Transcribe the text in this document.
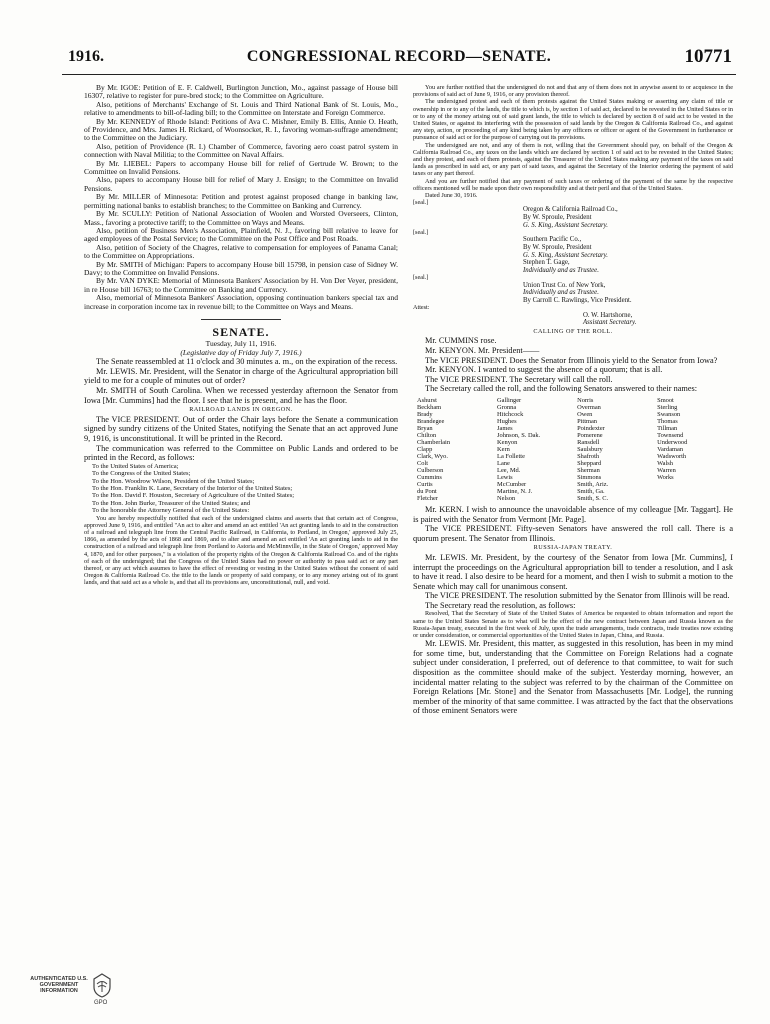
1916.	CONGRESSIONAL RECORD—SENATE.	10771

By Mr. IGOE: Petition of E. F. Caldwell, Burlington Junction, Mo., against passage of House bill 16307, relative to register for pure-bred stock; to the Committee on Agriculture.

Also, petitions of Merchants' Exchange of St. Louis and Third National Bank of St. Louis, Mo., relative to amendments to bill-of-lading bill; to the Committee on Interstate and Foreign Commerce.

By Mr. KENNEDY of Rhode Island: Petitions of Ava C. Mishner, Emily B. Ellis, Annie O. Heath, of Providence, and Mrs. James H. Rickard, of Woonsocket, R. I., favoring woman-suffrage amendment; to the Committee on the Judiciary.

Also, petition of Providence (R. I.) Chamber of Commerce, favoring aero coast patrol system in connection with Naval Militia; to the Committee on Naval Affairs.

By Mr. LIEBEL: Papers to accompany House bill for relief of Gertrude W. Brown; to the Committee on Invalid Pensions.

Also, papers to accompany House bill for relief of Mary J. Ensign; to the Committee on Invalid Pensions.

By Mr. MILLER of Minnesota: Petition and protest against proposed change in banking law, permitting national banks to establish branches; to the Committee on Banking and Currency.

By Mr. SCULLY: Petition of National Association of Woolen and Worsted Overseers, Clinton, Mass., favoring a protective tariff; to the Committee on Ways and Means.

Also, petition of Business Men's Association, Plainfield, N. J., favoring bill relative to leave for aged employees of the Postal Service; to the Committee on the Post Office and Post Roads.

Also, petition of Society of the Chagres, relative to compensation for employees of Panama Canal; to the Committee on Appropriations.

By Mr. SMITH of Michigan: Papers to accompany House bill 15798, in pension case of Sidney W. Davy; to the Committee on Invalid Pensions.

By Mr. VAN DYKE: Memorial of Minnesota Bankers' Association by H. Von Der Veyer, president, in re House bill 16763; to the Committee on Banking and Currency.

Also, memorial of Minnesota Bankers' Association, opposing continuation bankers special tax and increase in corporation income tax in revenue bill; to the Committee on Ways and Means.

SENATE.

Tuesday, July 11, 1916.

(Legislative day of Friday July 7, 1916.)

The Senate reassembled at 11 o'clock and 30 minutes a. m., on the expiration of the recess.

Mr. LEWIS. Mr. President, will the Senator in charge of the Agricultural appropriation bill yield to me for a couple of minutes out of order?

Mr. SMITH of South Carolina. When we recessed yesterday afternoon the Senator from Iowa [Mr. Cummins] had the floor. I see that he is present, and he has the floor.

RAILROAD LANDS IN OREGON.

The VICE PRESIDENT. Out of order the Chair lays before the Senate a communication signed by sundry citizens of the United States, notifying the Senate that an act approved June 9, 1916, is unconstitutional. It will be printed in the Record.

The communication was referred to the Committee on Public Lands and ordered to be printed in the Record, as follows:

To the United States of America;

To the Congress of the United States;

To the Hon. Woodrow Wilson, President of the United States;

To the Hon. Franklin K. Lane, Secretary of the Interior of the United States;

To the Hon. David F. Houston, Secretary of Agriculture of the United States;

To the Hon. John Burke, Treasurer of the United States; and

To the honorable the Attorney General of the United States:

You are hereby respectfully notified that each of the undersigned claims and asserts that that certain act of Congress, approved June 9, 1916, and entitled "An act to alter and amend an act entitled 'An act granting lands to aid in the construction of a railroad and telegraph line from the Central Pacific Railroad, in California, to Portland, in Oregon,' approved July 25, 1866, as amended by the acts of 1868 and 1869, and to alter and amend an act entitled 'An act granting lands to aid in the construction of a railroad and telegraph line from Portland to Astoria and McMinnville, in the State of Oregon,' approved May 4, 1870, and for other purposes," is a violation of the property rights of the Oregon & California Railroad Co. and of the rights of each of the undersigned; that the Congress of the United States had no power or authority to pass said act or any part thereof, or any act which assumes to have the effect of revesting or vesting in the United States without the consent of said Oregon & California Railroad Co. the title to the lands or property of said company, or to any money arising out of its grant lands, and that said act as a whole is, and that all its provisions are, unconstitutional, null, and void.

You are further notified that the undersigned do not and that any of them does not in anywise assent to or acquiesce in the provisions of said act of June 9, 1916, or any provision thereof.

The undersigned protest and each of them protests against the United States making or asserting any claim of title or ownership in or to any of the lands, the title to which is, by section 1 of said act, declared to be revested in the United States or in or to any of the money arising out of said grant lands, the title to which is declared by section 8 of said act to be vested in the United States, or against its interfering with the possession of said lands by the Oregon & California Railroad Co., and against any step, action, or proceeding of any kind being taken by any officers or officer or agent of the Government in furtherance or pursuance of said act or for the purpose of carrying out its provisions.

The undersigned are not, and any of them is not, willing that the Government should pay, on behalf of the Oregon & California Railroad Co., any taxes on the lands which are declared by section 1 of said act to be revested in the United States; and they protest, and each of them protests, against the Treasurer of the United States making any payment of the taxes on said lands as prescribed in said act, or any part of said taxes, and against the Secretary of the Interior ordering the payment of said taxes or any part thereof.

And you are further notified that any payment of such taxes or ordering of the payment of the same by the respective officers mentioned will be made upon their own responsibility and at their peril and that of the United States.

Dated June 30, 1916.

[seal.]

Oregon & California Railroad Co.,

By W. Sproule, President

G. S. King, Assistant Secretary.

[seal.]

Southern Pacific Co.,

By W. Sproule, President

G. S. King, Assistant Secretary.

Stephen T. Gage,

Individually and as Trustee.

[seal.]

Union Trust Co. of New York,

Individually and as Trustee.

By Carroll C. Rawlings, Vice President.

Attest:

O. W. Hartshorne,

Assistant Secretary.

CALLING OF THE ROLL.

Mr. CUMMINS rose.

Mr. KENYON. Mr. President——

The VICE PRESIDENT. Does the Senator from Illinois yield to the Senator from Iowa?

Mr. KENYON. I wanted to suggest the absence of a quorum; that is all.

The VICE PRESIDENT. The Secretary will call the roll.

The Secretary called the roll, and the following Senators answered to their names:

Ashurst
Beckham
Brady
Brandegee
Bryan
Chilton
Chamberlain
Clapp
Clark, Wyo.
Colt
Culberson
Cummins
Curtis
du Pont
Fletcher
Gallinger
Gronna
Hitchcock
Hughes
James
Johnson, S. Dak.
Kenyon
Kern
La Follette
Lane
Lee, Md.
Lewis
McCumber
Martine, N. J.
Nelson
Norris
Overman
Owen
Pittman
Poindexter
Pomerene
Ransdell
Saulsbury
Shafroth
Sheppard
Sherman
Simmons
Smith, Ariz.
Smith, Ga.
Smith, S. C.
Smoot
Sterling
Swanson
Thomas
Tillman
Townsend
Underwood
Vardaman
Wadsworth
Walsh
Warren
Works

Mr. KERN. I wish to announce the unavoidable absence of my colleague [Mr. Taggart]. He is paired with the Senator from Vermont [Mr. Page].

The VICE PRESIDENT. Fifty-seven Senators have answered the roll call. There is a quorum present. The Senator from Illinois.

RUSSIA-JAPAN TREATY.

Mr. LEWIS. Mr. President, by the courtesy of the Senator from Iowa [Mr. Cummins], I interrupt the proceedings on the Agricultural appropriation bill to tender a resolution, and I ask to have it read. I also desire to be heard for a moment, and then I wish to submit a motion to the Senate which may call for unanimous consent.

The VICE PRESIDENT. The resolution submitted by the Senator from Illinois will be read.

The Secretary read the resolution, as follows:

Resolved, That the Secretary of State of the United States of America be requested to obtain information and report the same to the United States Senate as to what will be the effect of the new contract between Japan and Russia known as the Russia-Japan treaty, executed in the first week of July, upon the trade arrangements, trade contracts, trade treaties now existing or under consideration, or commercial opportunities of the United States in Japan, China, and Russia.

Mr. LEWIS. Mr. President, this matter, as suggested in this resolution, has been in my mind for some time, but, understanding that the Committee on Foreign Relations had a cognate subject under consideration, I preferred, out of deference to that committee, to wait for such disposition as the committee should make of the subject. Yesterday morning, however, an incidental matter relating to the subject was referred to by the chairman of the Committee on Foreign Relations [Mr. Stone] and the Senator from Massachusetts [Mr. Lodge], the running member of the minority of that same committee. I was attracted by the fact that the observations of those eminent Senators were

AUTHENTICATED U.S. GOVERNMENT INFORMATION
GPO
